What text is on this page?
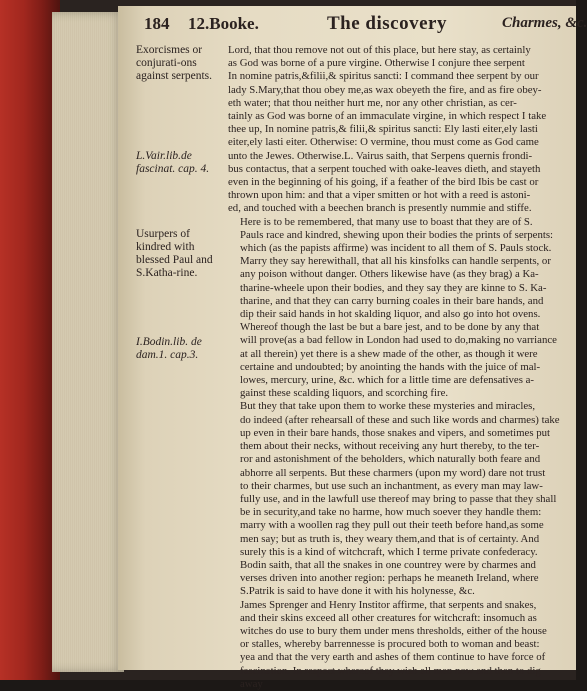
184 12.Booke.	The discovery	Charmes, &c.
Exorcismes or conjurati-ons against serpents.
L.Vair.lib.de fascinat. cap. 4.
Usurpers of kindred with blessed Paul and S.Katha-rine.
I.Bodin.lib. de dam.1. cap.3.

Lord, that thou remove not out of this place, but here stay, as certainly
as God was borne of a pure virgine. Otherwise I conjure thee serpent
In nomine patris,&filii,& spiritus sancti: I command thee serpent by our
lady S.Mary,that thou obey me,as wax obeyeth the fire, and as fire obey-
eth water; that thou neither hurt me, nor any other christian, as cer-
tainly as God was borne of an immaculate virgine, in which respect I take
thee up, In nomine patris,& filii,& spiritus sancti: Ely lasti eiter,ely lasti
eiter,ely lasti eiter. Otherwise: O vermine, thou must come as God came
unto the Jewes. Otherwise.L. Vairus saith, that Serpens quernis frondi-
bus contactus, that a serpent touched with oake-leaves dieth, and stayeth
even in the beginning of his going, if a feather of the bird Ibis be cast or
thrown upon him: and that a viper smitten or hot with a reed is astoni-
ed, and touched with a beechen branch is presently nummie and stiffe.

Here is to be remembered, that many use to boast that they are of S.
Pauls race and kindred, shewing upon their bodies the prints of serpents:
which (as the papists affirme) was incident to all them of S. Pauls stock.
Marry they say herewithall, that all his kinsfolks can handle serpents, or
any poison without danger. Others likewise have (as they brag) a Ka-
tharine-wheele upon their bodies, and they say they are kinne to S. Ka-
tharine, and that they can carry burning coales in their bare hands, and
dip their said hands in hot skalding liquor, and also go into hot ovens.
Whereof though the last be but a bare jest, and to be done by any that
will prove(as a bad fellow in London had used to do,making no varriance
at all therein) yet there is a shew made of the other, as though it were
certaine and undoubted; by anointing the hands with the juice of mal-
lowes, mercury, urine, &c. which for a little time are defensatives a-
gainst these scalding liquors, and scorching fire.

But they that take upon them to worke these mysteries and miracles,
do indeed (after rehearsall of these and such like words and charmes) take
up even in their bare hands, those snakes and vipers, and sometimes put
them about their necks, without receiving any hurt thereby, to the ter-
ror and astonishment of the beholders, which naturally both feare and
abhorre all serpents. But these charmers (upon my word) dare not trust
to their charmes, but use such an inchantment, as every man may law-
fully use, and in the lawfull use thereof may bring to passe that they shall
be in security,and take no harme, how much soever they handle them:
marry with a woollen rag they pull out their teeth before hand,as some
men say; but as truth is, they weary them,and that is of certainty. And
surely this is a kind of witchcraft, which I terme private confederacy.
Bodin saith, that all the snakes in one countrey were by charmes and
verses driven into another region: perhaps he meaneth Ireland, where
S.Patrik is said to have done it with his holynesse, &c.

James Sprenger and Henry Institor affirme, that serpents and snakes,
and their skins exceed all other creatures for witchcraft: insomuch as
witches do use to bury them under mens thresholds, either of the house
or stalles, whereby barrennesse is procured both to woman and beast:
yea and that the very earth and ashes of them continue to have force of
fascination. In respect whereof they wish all men now and then to dig
away
